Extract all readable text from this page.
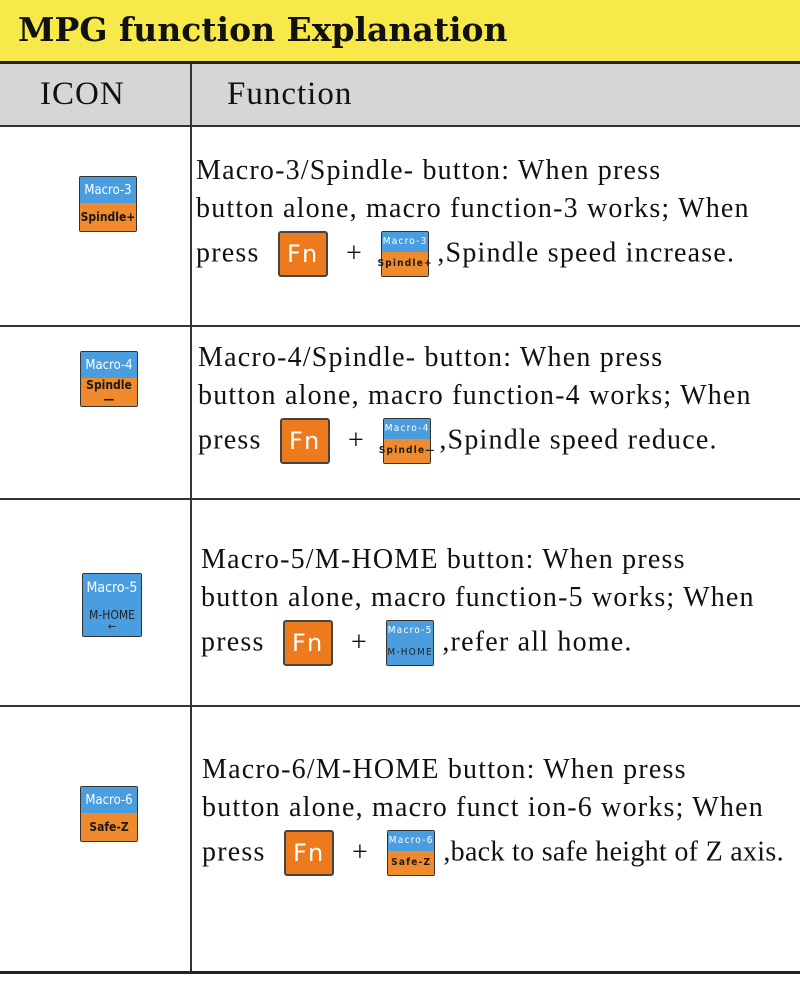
MPG function Explanation
ICON	Function
Macro-3
Spindle+
Macro-3/Spindle- button: When press
button alone, macro function-3 works; When
press Fn + Macro-3
Spindle+ ,Spindle speed increase.
Macro-4
Spindle—
Macro-4/Spindle- button: When press
button alone, macro function-4 works; When
press Fn + Macro-4
Spindle— ,Spindle speed reduce.
Macro-5
M-HOME
←
Macro-5/M-HOME button: When press
button alone, macro function-5 works; When
press Fn + Macro-5
M-HOME ,refer all home.
Macro-6
Safe-Z
Macro-6/M-HOME button: When press
button alone, macro funct ion-6 works; When
press Fn + Macro-6
Safe-Z ,back to safe height of Z axis.
